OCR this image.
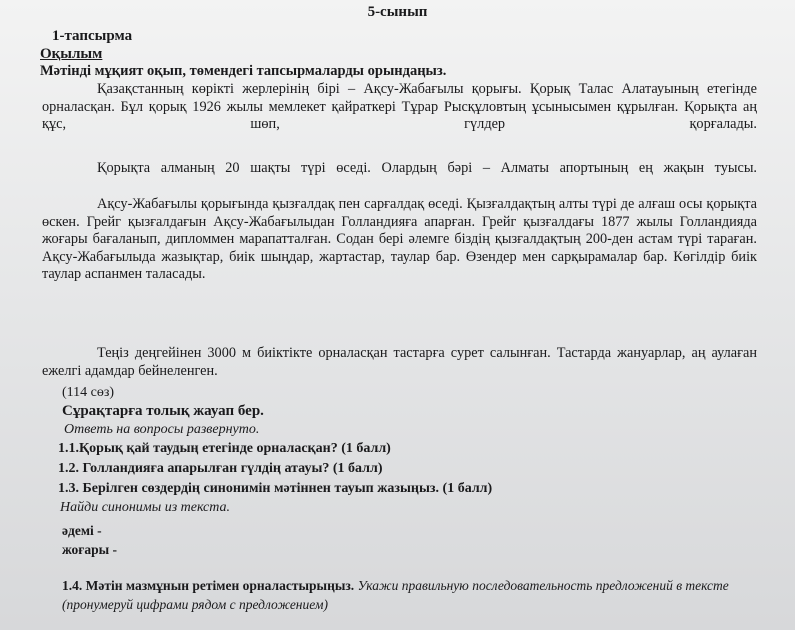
5-сынып
1-тапсырма
Оқылым
Мәтінді мұқият оқып, төмендегі тапсырмаларды орындаңыз.
Қазақстанның көрікті жерлерінің бірі – Ақсу-Жабағылы қорығы. Қорық Талас Алатауының етегінде орналасқан. Бұл қорық 1926 жылы мемлекет қайраткері Тұрар Рысқұловтың ұсынысымен құрылған. Қорықта аң құс, шөп, гүлдер қорғалады.
Қорықта алманың 20 шақты түрі өседі. Олардың бәрі – Алматы апортының ең жақын туысы.
Ақсу-Жабағылы қорығында қызғалдақ пен сарғалдақ өседі. Қызғалдақтың алты түрі де алғаш осы қорықта өскен. Грейг қызғалдағын Ақсу-Жабағылыдан Голландияға апарған. Грейг қызғалдағы 1877 жылы Голландияда жоғары бағаланып, дипломмен марапатталған. Содан бері әлемге біздің қызғалдақтың 200-ден астам түрі тараған. Ақсу-Жабағылыда жазықтар, биік шыңдар, жартастар, таулар бар. Өзендер мен сарқырамалар бар. Көгілдір биік таулар аспанмен таласады.
Теңіз деңгейінен 3000 м биіктікте орналасқан тастарға сурет салынған. Тастарда жануарлар, аң аулаған ежелгі адамдар бейнеленген.
(114 сөз)
Сұрақтарға толық жауап бер.
Ответь на вопросы развернуто.
1.1.Қорық қай таудың етегінде орналасқан? (1 балл)
1.2. Голландияға апарылған гүлдің атауы? (1 балл)
1.3. Берілген сөздердің синонимін мәтіннен тауып жазыңыз. (1 балл)
Найди синонимы из текста.
әдемі -
жоғары -
1.4. Мәтін мазмұнын ретімен орналастырыңыз. Укажи правильную последовательность предложений в тексте (пронумеруй цифрами рядом с предложением)
